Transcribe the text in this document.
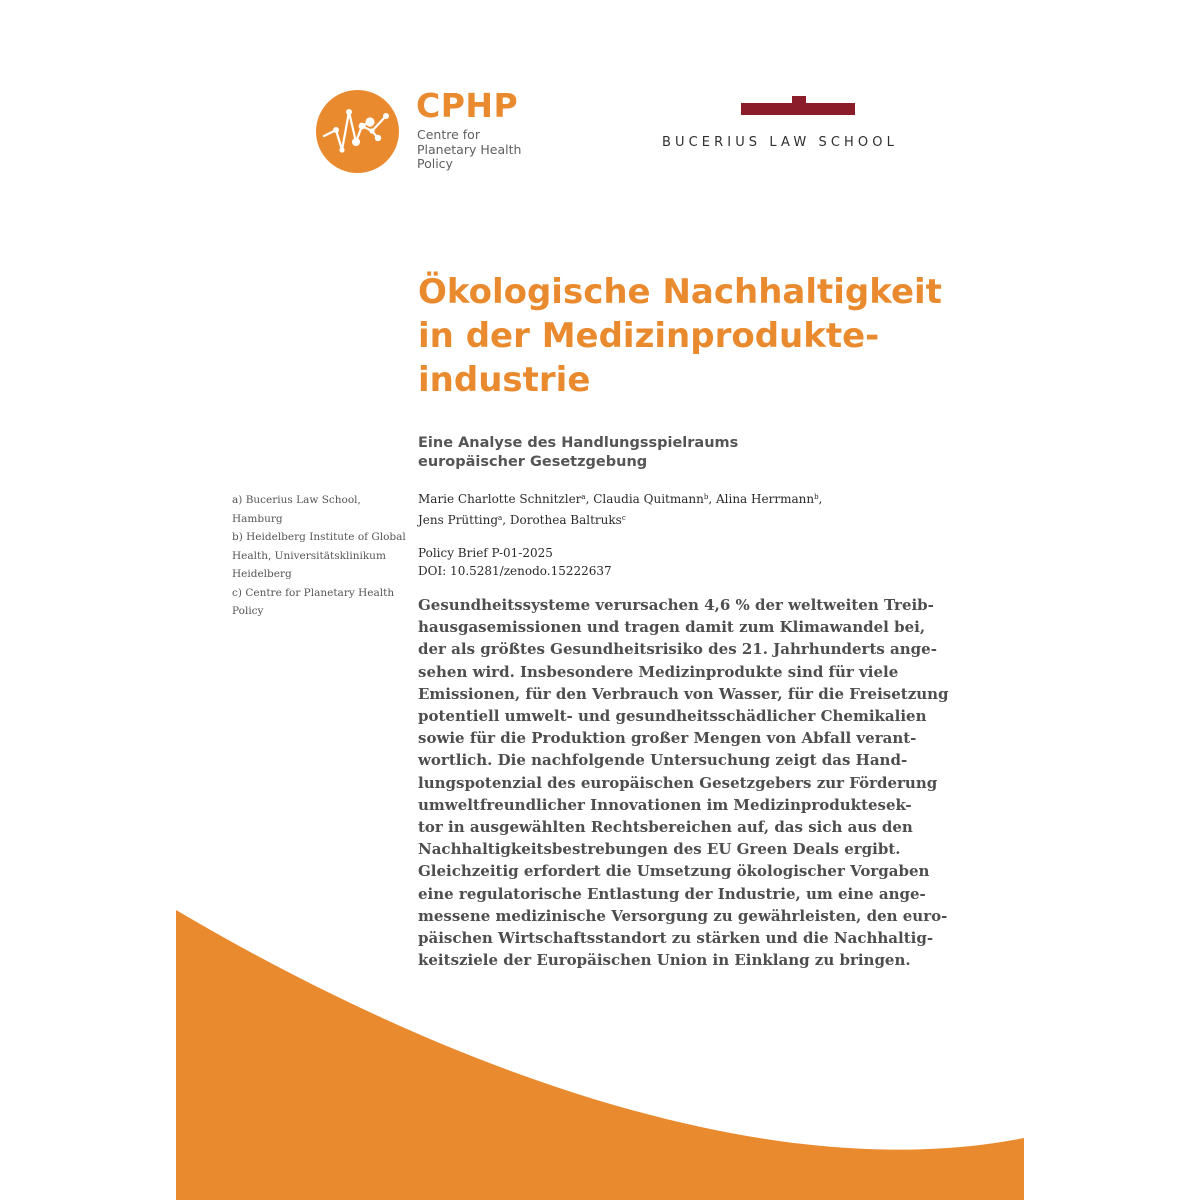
CPHP
Centre for
Planetary Health
Policy
BUCERIUS LAW SCHOOL
Ökologische Nachhaltigkeit
in der Medizinprodukte-
industrie
Eine Analyse des Handlungsspielraums
europäischer Gesetzgebung
a) Bucerius Law School, Hamburg
b) Heidelberg Institute of Global Health, Universitätsklinikum Heidelberg
c) Centre for Planetary Health Policy
Marie Charlotte Schnitzler$^a$, Claudia Quitmann$^b$, Alina Herrmann$^b$,
Jens Prütting$^a$, Dorothea Baltruks$^c$
Policy Brief P-01-2025
DOI: 10.5281/zenodo.15222637
Gesundheitssysteme verursachen 4,6 % der weltweiten Treib-
hausgasemissionen und tragen damit zum Klimawandel bei,
der als größtes Gesundheitsrisiko des 21. Jahrhunderts ange-
sehen wird. Insbesondere Medizinprodukte sind für viele
Emissionen, für den Verbrauch von Wasser, für die Freisetzung
potentiell umwelt- und gesundheitsschädlicher Chemikalien
sowie für die Produktion großer Mengen von Abfall verant-
wortlich. Die nachfolgende Untersuchung zeigt das Hand-
lungspotenzial des europäischen Gesetzgebers zur Förderung
umweltfreundlicher Innovationen im Medizinproduktesek-
tor in ausgewählten Rechtsbereichen auf, das sich aus den
Nachhaltigkeitsbestrebungen des EU Green Deals ergibt.
Gleichzeitig erfordert die Umsetzung ökologischer Vorgaben
eine regulatorische Entlastung der Industrie, um eine ange-
messene medizinische Versorgung zu gewährleisten, den euro-
päischen Wirtschaftsstandort zu stärken und die Nachhaltig-
keitsziele der Europäischen Union in Einklang zu bringen.
